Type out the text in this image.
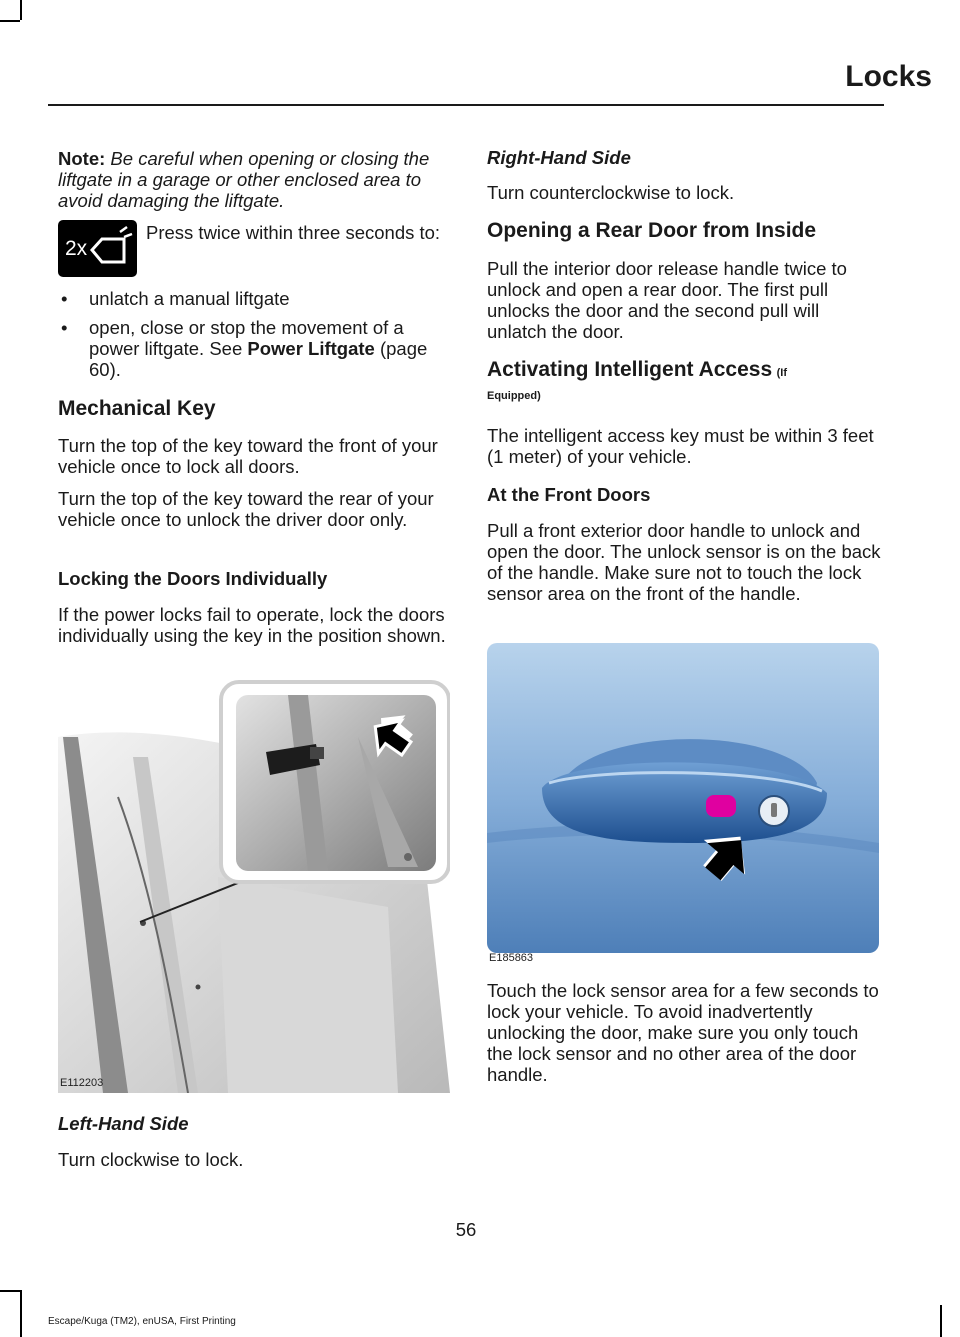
Locks
Note: Be careful when opening or closing the liftgate in a garage or other enclosed area to avoid damaging the liftgate.
2x
Press twice within three seconds to:
• unlatch a manual liftgate
• open, close or stop the movement of a power liftgate. See Power Liftgate (page 60).
Mechanical Key
Turn the top of the key toward the front of your vehicle once to lock all doors.
Turn the top of the key toward the rear of your vehicle once to unlock the driver door only.
Locking the Doors Individually
If the power locks fail to operate, lock the doors individually using the key in the position shown.
E112203
Left-Hand Side
Turn clockwise to lock.
Right-Hand Side
Turn counterclockwise to lock.
Opening a Rear Door from Inside
Pull the interior door release handle twice to unlock and open a rear door. The first pull unlocks the door and the second pull will unlatch the door.
Activating Intelligent Access (If
Equipped)
The intelligent access key must be within 3 feet (1 meter) of your vehicle.
At the Front Doors
Pull a front exterior door handle to unlock and open the door. The unlock sensor is on the back of the handle. Make sure not to touch the lock sensor area on the front of the handle.
E185863
Touch the lock sensor area for a few seconds to lock your vehicle. To avoid inadvertently unlocking the door, make sure you only touch the lock sensor and no other area of the door handle.
56
Escape/Kuga (TM2), enUSA, First Printing
